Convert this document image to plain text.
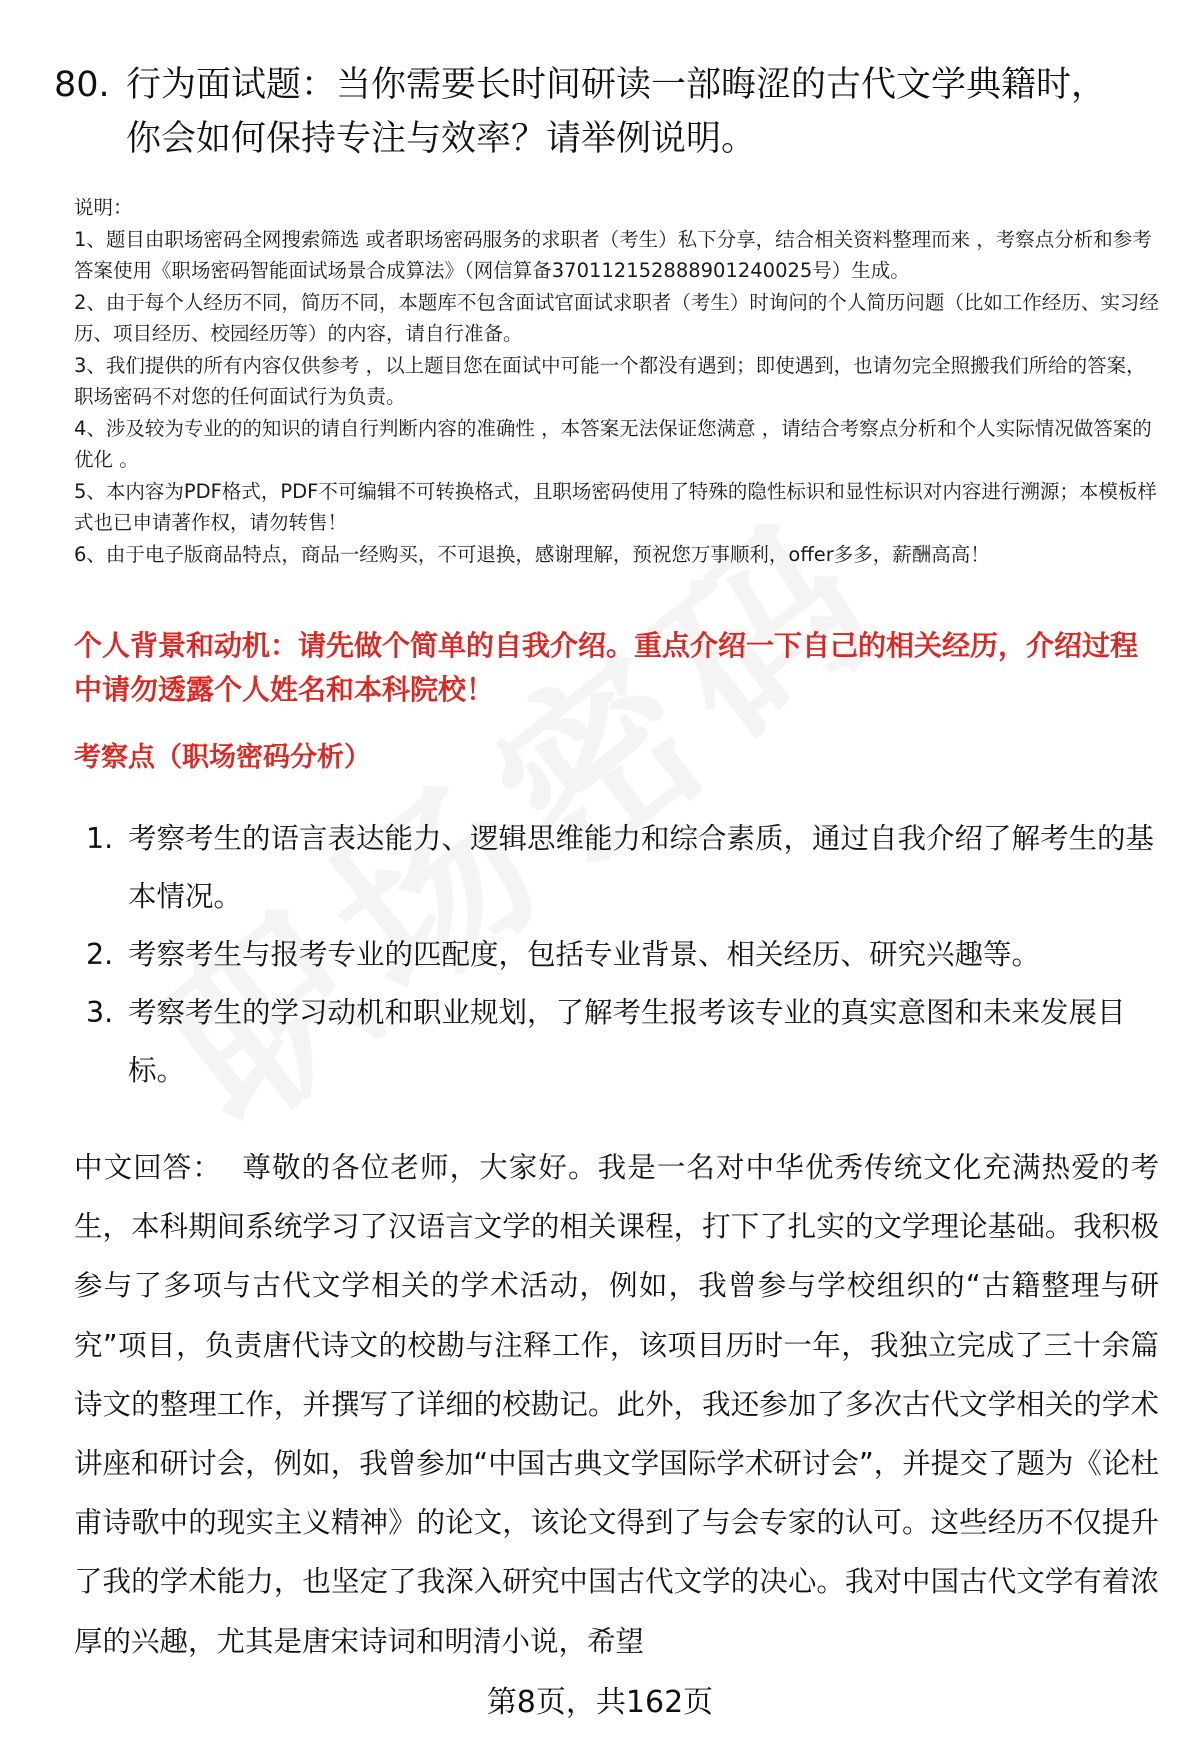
80. 行为面试题：当你需要长时间研读一部晦涩的古代文学典籍时，
你会如何保持专注与效率？请举例说明。

说明：

1、题目由职场密码全网搜索筛选 或者职场密码服务的求职者（考生）私下分享，结合相关资料整理而来 ，考察点分析和参考答案使用《职场密码智能面试场景合成算法》（网信算备370112152888901240025号）生成。

2、由于每个人经历不同，简历不同，本题库不包含面试官面试求职者（考生）时询问的个人简历问题（比如工作经历、实习经历、项目经历、校园经历等）的内容，请自行准备。

3、我们提供的所有内容仅供参考 ，以上题目您在面试中可能一个都没有遇到；即使遇到，也请勿完全照搬我们所给的答案，职场密码不对您的任何面试行为负责。

4、涉及较为专业的的知识的请自行判断内容的准确性 ，本答案无法保证您满意 ，请结合考察点分析和个人实际情况做答案的优化 。

5、本内容为PDF格式，PDF不可编辑不可转换格式，且职场密码使用了特殊的隐性标识和显性标识对内容进行溯源；本模板样式也已申请著作权，请勿转售！

6、由于电子版商品特点，商品一经购买，不可退换，感谢理解，预祝您万事顺利，offer多多，薪酬高高！

个人背景和动机：请先做个简单的自我介绍。重点介绍一下自己的相关经历，介绍过程中请勿透露个人姓名和本科院校！
考察点（职场密码分析）
1. 考察考生的语言表达能力、逻辑思维能力和综合素质，通过自我介绍了解考生的基本情况。
2. 考察考生与报考专业的匹配度，包括专业背景、相关经历、研究兴趣等。
3. 考察考生的学习动机和职业规划，了解考生报考该专业的真实意图和未来发展目标。
中文回答： 尊敬的各位老师，大家好。我是一名对中华优秀传统文化充满热爱的考生，本科期间系统学习了汉语言文学的相关课程，打下了扎实的文学理论基础。我积极参与了多项与古代文学相关的学术活动，例如，我曾参与学校组织的“古籍整理与研究”项目，负责唐代诗文的校勘与注释工作，该项目历时一年，我独立完成了三十余篇诗文的整理工作，并撰写了详细的校勘记。此外，我还参加了多次古代文学相关的学术讲座和研讨会，例如，我曾参加“中国古典文学国际学术研讨会”，并提交了题为《论杜甫诗歌中的现实主义精神》的论文，该论文得到了与会专家的认可。这些经历不仅提升了我的学术能力，也坚定了我深入研究中国古代文学的决心。我对中国古代文学有着浓厚的兴趣，尤其是唐宋诗词和明清小说，希望
第8页，共162页
